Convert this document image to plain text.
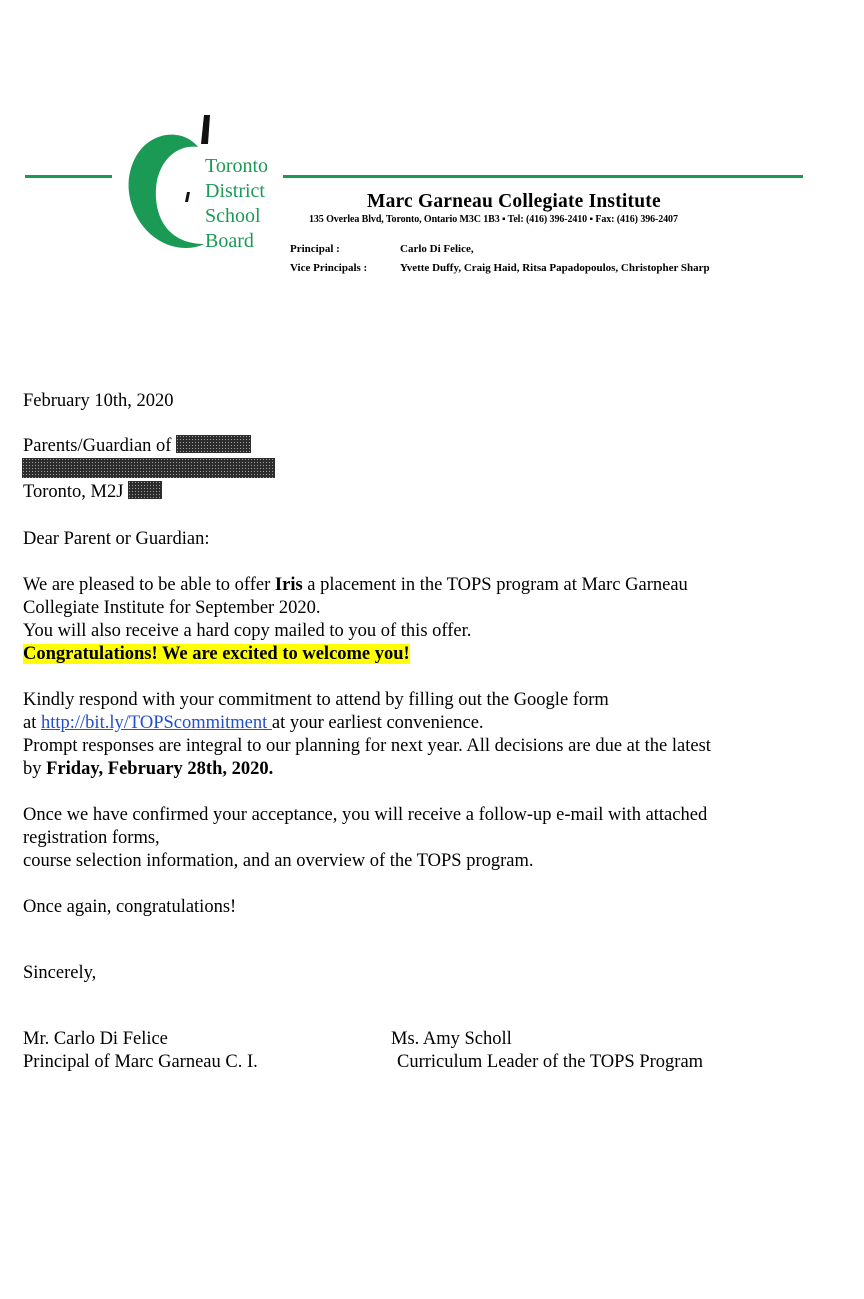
Toronto
District
School
Board
Marc Garneau Collegiate Institute
135 Overlea Blvd, Toronto, Ontario M3C 1B3 ▪ Tel: (416) 396-2410 ▪ Fax: (416) 396-2407
Principal :	Carlo Di Felice,
Vice Principals :	Yvette Duffy, Craig Haid, Ritsa Papadopoulos, Christopher Sharp
February 10th, 2020
Parents/Guardian of
Toronto, M2J
Dear Parent or Guardian:
We are pleased to be able to offer Iris a placement in the TOPS program at Marc Garneau
Collegiate Institute for September 2020.
You will also receive a hard copy mailed to you of this offer.
Congratulations! We are excited to welcome you!
Kindly respond with your commitment to attend by filling out the Google form
at http://bit.ly/TOPScommitment at your earliest convenience.
Prompt responses are integral to our planning for next year. All decisions are due at the latest
by Friday, February 28th, 2020.
Once we have confirmed your acceptance, you will receive a follow-up e-mail with attached
registration forms,
course selection information, and an overview of the TOPS program.
Once again, congratulations!
Sincerely,
Mr. Carlo Di Felice
Principal of Marc Garneau C. I.
Ms. Amy Scholl
Curriculum Leader of the TOPS Program
